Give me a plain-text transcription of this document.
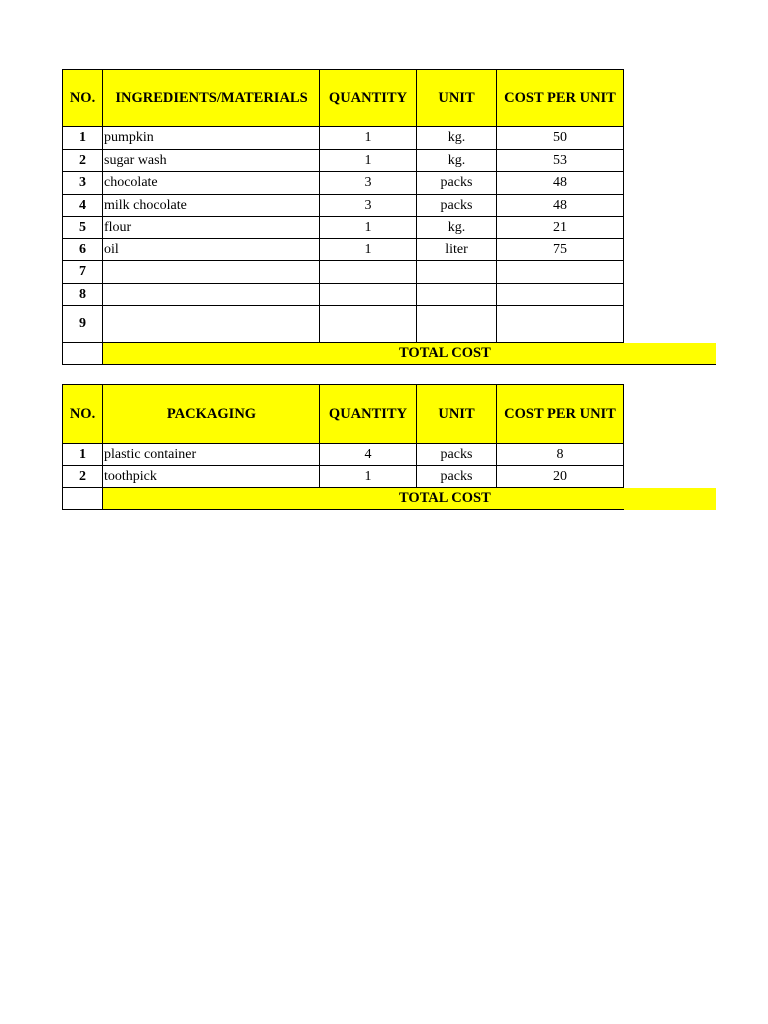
NO.	INGREDIENTS/MATERIALS	QUANTITY	UNIT	COST PER UNIT
1	pumpkin	1	kg.	50
2	sugar wash	1	kg.	53
3	chocolate	3	packs	48
4	milk chocolate	3	packs	48
5	flour	1	kg.	21
6	oil	1	liter	75
7
8
9
TOTAL COST
NO.	PACKAGING	QUANTITY	UNIT	COST PER UNIT
1	plastic container	4	packs	8
2	toothpick	1	packs	20
TOTAL COST
